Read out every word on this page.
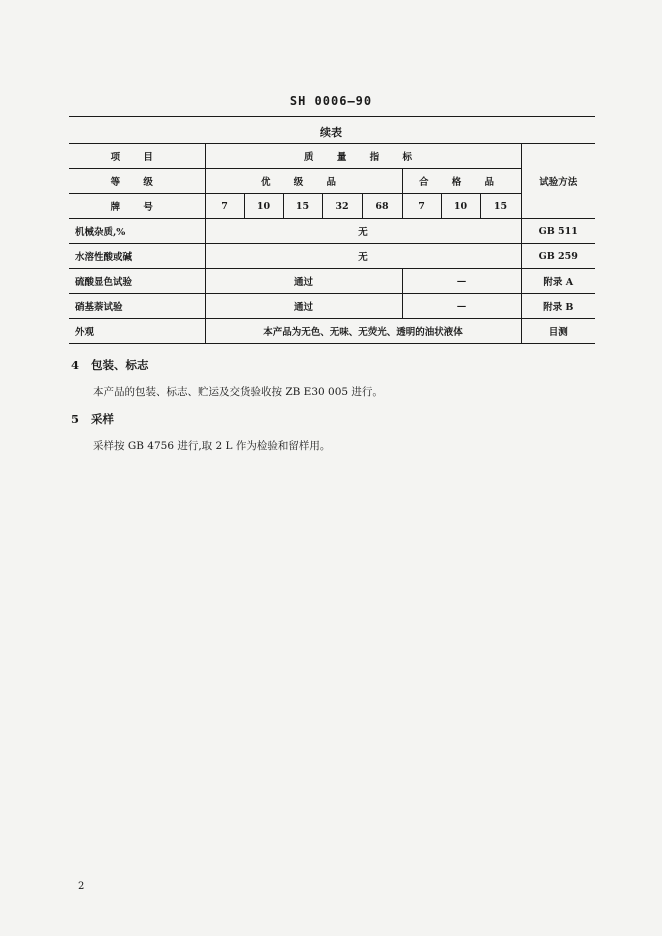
SH 0006—90
续表
项 目	质 量 指 标								试验方法
等 级	优 级 品					合 格 品			
牌 号	7	10	15	32	68	7	10	15	
机械杂质,%	无								GB 511
水溶性酸或碱	无								GB 259
硫酸显色试验	通过					—			附录 A
硝基萘试验	通过					—			附录 B
外观	本产品为无色、无味、无荧光、透明的油状液体								目测
4 包装、标志
本产品的包装、标志、贮运及交货验收按 ZB E30 005 进行。
5 采样
采样按 GB 4756 进行,取 2 L 作为检验和留样用。
2
